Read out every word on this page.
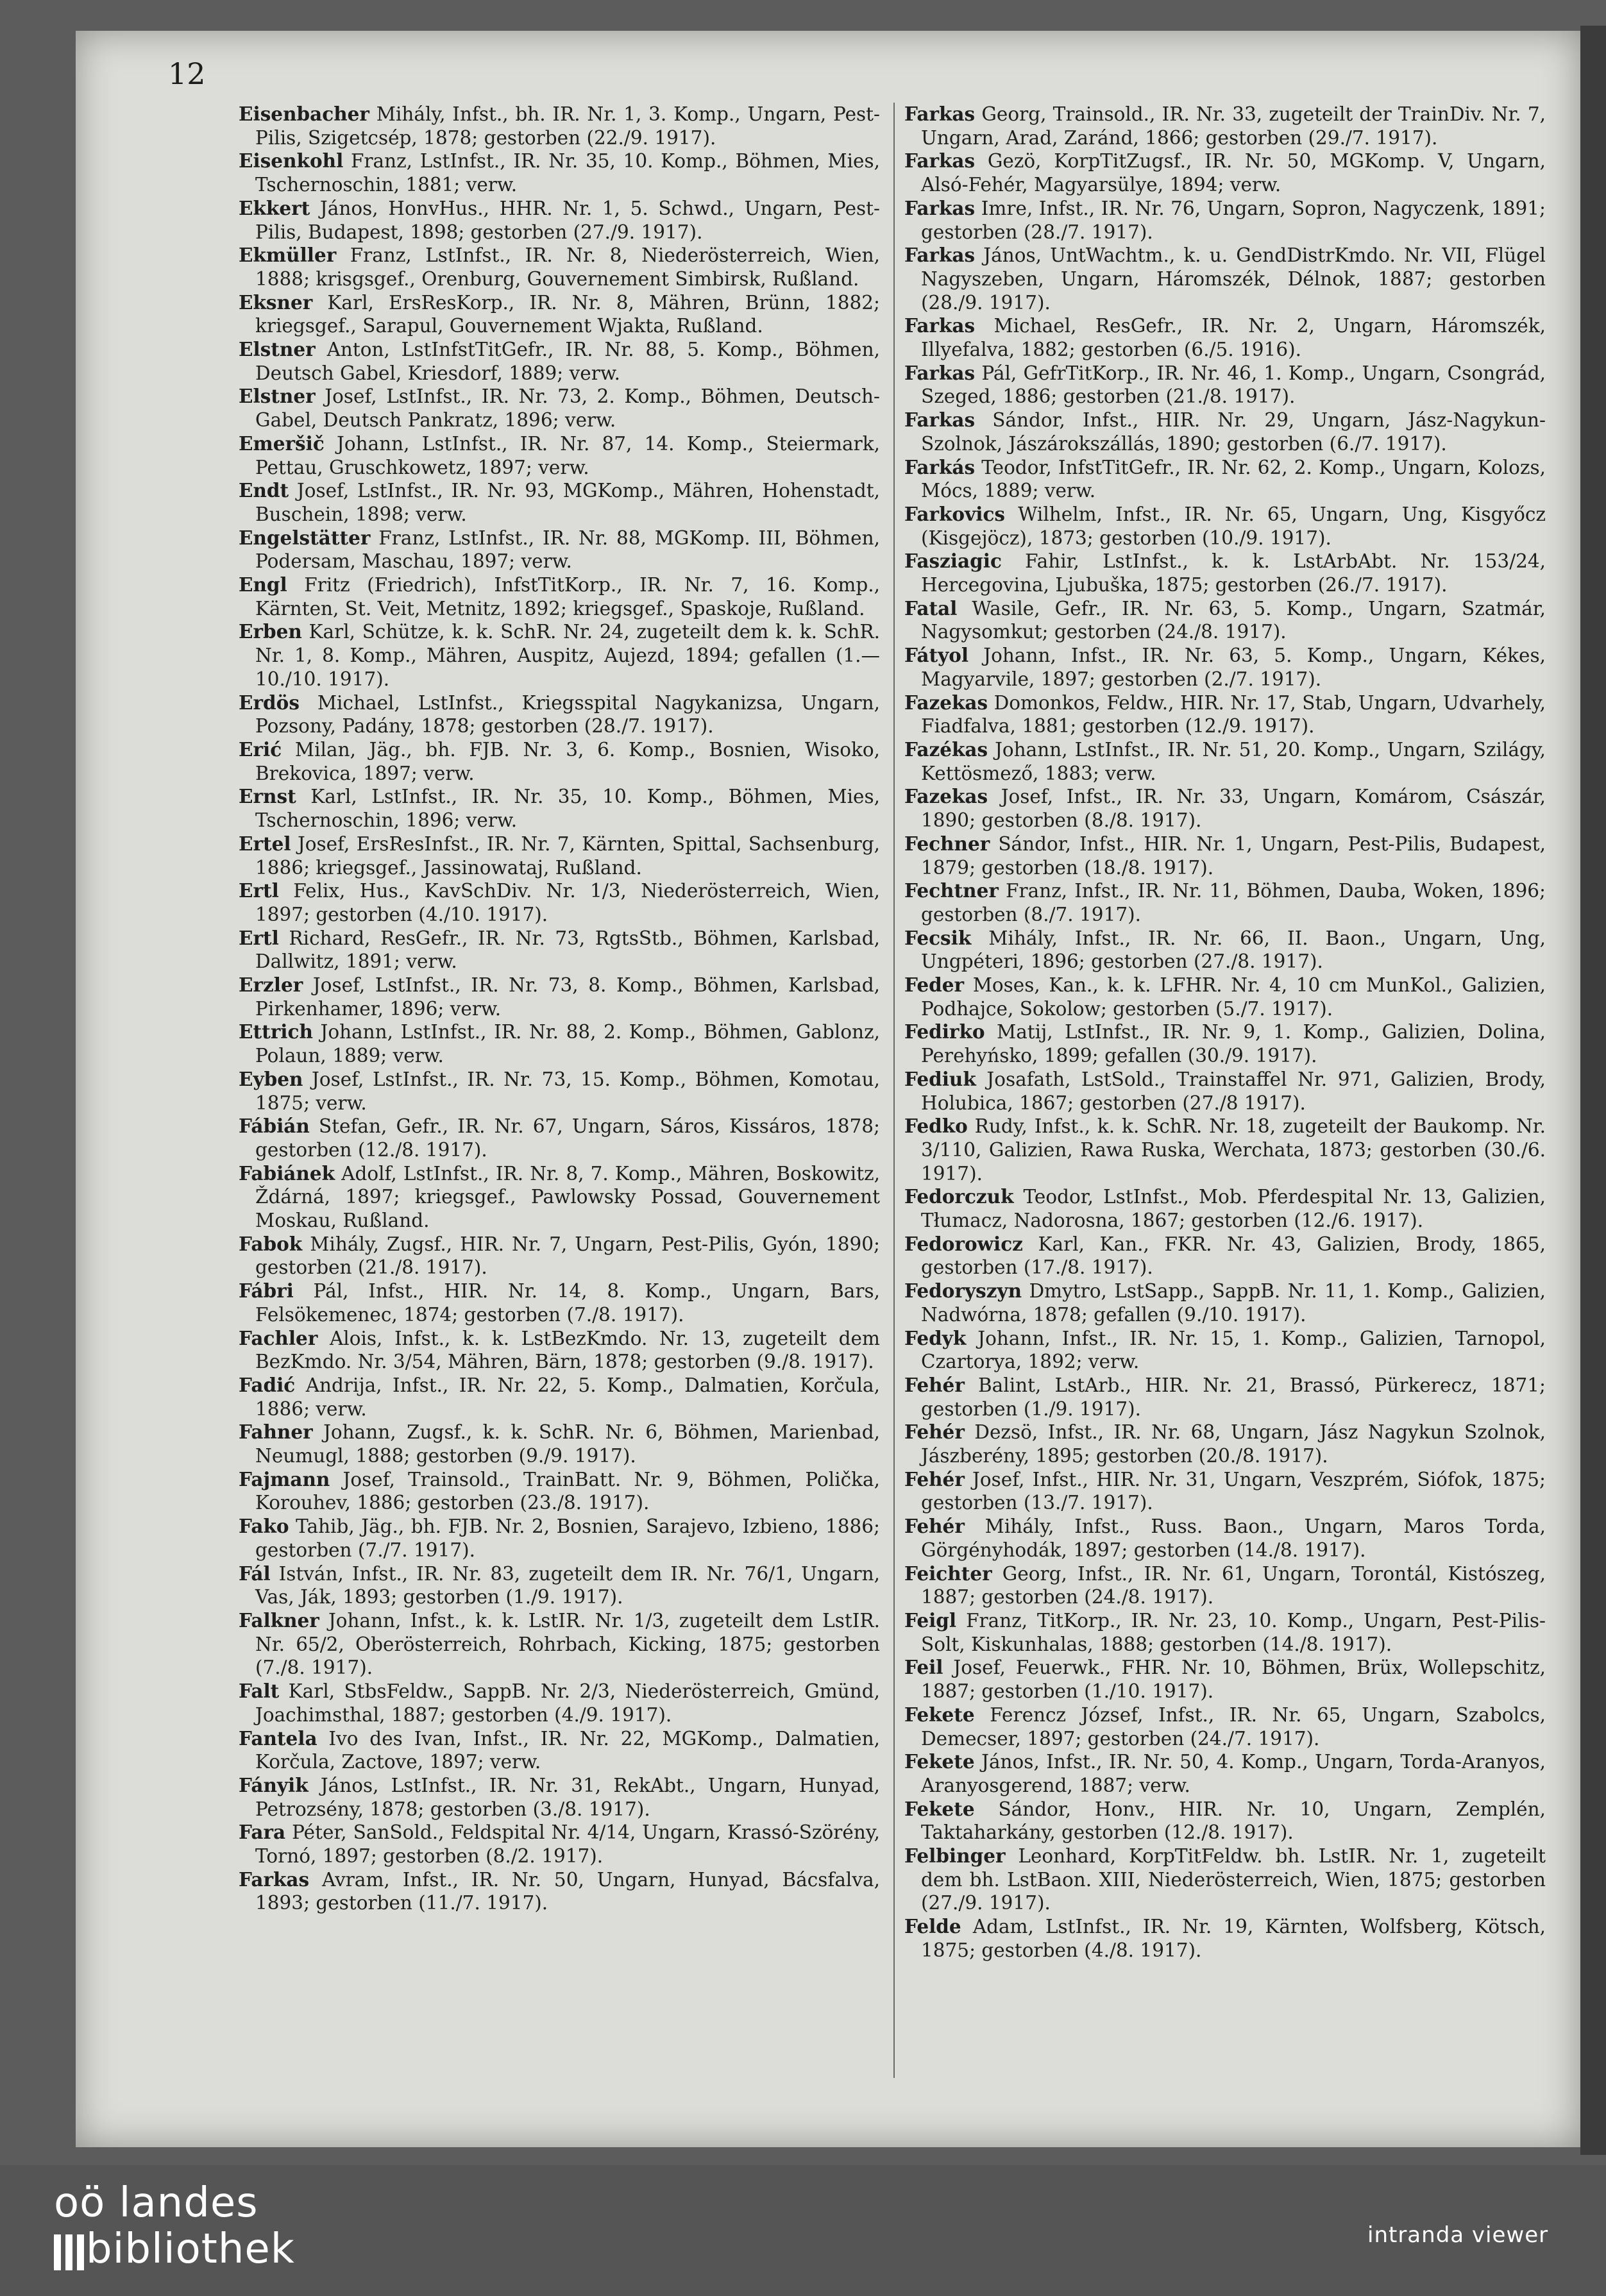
12

Eisenbacher Mihály, Infst., bh. IR. Nr. 1, 3. Komp., Ungarn, Pest-Pilis, Szigetcsép, 1878; gestorben (22./9. 1917).

Eisenkohl Franz, LstInfst., IR. Nr. 35, 10. Komp., Böhmen, Mies, Tschernoschin, 1881; verw.

Ekkert János, HonvHus., HHR. Nr. 1, 5. Schwd., Ungarn, Pest-Pilis, Budapest, 1898; gestorben (27./9. 1917).

Ekmüller Franz, LstInfst., IR. Nr. 8, Niederösterreich, Wien, 1888; krisgsgef., Orenburg, Gouvernement Simbirsk, Rußland.

Eksner Karl, ErsResKorp., IR. Nr. 8, Mähren, Brünn, 1882; kriegsgef., Sarapul, Gouvernement Wjakta, Rußland.

Elstner Anton, LstInfstTitGefr., IR. Nr. 88, 5. Komp., Böhmen, Deutsch Gabel, Kriesdorf, 1889; verw.

Elstner Josef, LstInfst., IR. Nr. 73, 2. Komp., Böhmen, Deutsch-Gabel, Deutsch Pankratz, 1896; verw.

Emeršič Johann, LstInfst., IR. Nr. 87, 14. Komp., Steiermark, Pettau, Gruschkowetz, 1897; verw.

Endt Josef, LstInfst., IR. Nr. 93, MGKomp., Mähren, Hohenstadt, Buschein, 1898; verw.

Engelstätter Franz, LstInfst., IR. Nr. 88, MGKomp. III, Böhmen, Podersam, Maschau, 1897; verw.

Engl Fritz (Friedrich), InfstTitKorp., IR. Nr. 7, 16. Komp., Kärnten, St. Veit, Metnitz, 1892; kriegsgef., Spaskoje, Rußland.

Erben Karl, Schütze, k. k. SchR. Nr. 24, zugeteilt dem k. k. SchR. Nr. 1, 8. Komp., Mähren, Auspitz, Aujezd, 1894; gefallen (1.—10./10. 1917).

Erdös Michael, LstInfst., Kriegsspital Nagykanizsa, Ungarn, Pozsony, Padány, 1878; gestorben (28./7. 1917).

Erić Milan, Jäg., bh. FJB. Nr. 3, 6. Komp., Bosnien, Wisoko, Brekovica, 1897; verw.

Ernst Karl, LstInfst., IR. Nr. 35, 10. Komp., Böhmen, Mies, Tschernoschin, 1896; verw.

Ertel Josef, ErsResInfst., IR. Nr. 7, Kärnten, Spittal, Sachsenburg, 1886; kriegsgef., Jassinowataj, Rußland.

Ertl Felix, Hus., KavSchDiv. Nr. 1/3, Niederösterreich, Wien, 1897; gestorben (4./10. 1917).

Ertl Richard, ResGefr., IR. Nr. 73, RgtsStb., Böhmen, Karlsbad, Dallwitz, 1891; verw.

Erzler Josef, LstInfst., IR. Nr. 73, 8. Komp., Böhmen, Karlsbad, Pirkenhamer, 1896; verw.

Ettrich Johann, LstInfst., IR. Nr. 88, 2. Komp., Böhmen, Gablonz, Polaun, 1889; verw.

Eyben Josef, LstInfst., IR. Nr. 73, 15. Komp., Böhmen, Komotau, 1875; verw.

Fábián Stefan, Gefr., IR. Nr. 67, Ungarn, Sáros, Kissáros, 1878; gestorben (12./8. 1917).

Fabiánek Adolf, LstInfst., IR. Nr. 8, 7. Komp., Mähren, Boskowitz, Ždárná, 1897; kriegsgef., Pawlowsky Possad, Gouvernement Moskau, Rußland.

Fabok Mihály, Zugsf., HIR. Nr. 7, Ungarn, Pest-Pilis, Gyón, 1890; gestorben (21./8. 1917).

Fábri Pál, Infst., HIR. Nr. 14, 8. Komp., Ungarn, Bars, Felsökemenec, 1874; gestorben (7./8. 1917).

Fachler Alois, Infst., k. k. LstBezKmdo. Nr. 13, zugeteilt dem BezKmdo. Nr. 3/54, Mähren, Bärn, 1878; gestorben (9./8. 1917).

Fadić Andrija, Infst., IR. Nr. 22, 5. Komp., Dalmatien, Korčula, 1886; verw.

Fahner Johann, Zugsf., k. k. SchR. Nr. 6, Böhmen, Marienbad, Neumugl, 1888; gestorben (9./9. 1917).

Fajmann Josef, Trainsold., TrainBatt. Nr. 9, Böhmen, Polička, Korouhev, 1886; gestorben (23./8. 1917).

Fako Tahib, Jäg., bh. FJB. Nr. 2, Bosnien, Sarajevo, Izbieno, 1886; gestorben (7./7. 1917).

Fál István, Infst., IR. Nr. 83, zugeteilt dem IR. Nr. 76/1, Ungarn, Vas, Ják, 1893; gestorben (1./9. 1917).

Falkner Johann, Infst., k. k. LstIR. Nr. 1/3, zugeteilt dem LstIR. Nr. 65/2, Oberösterreich, Rohrbach, Kicking, 1875; gestorben (7./8. 1917).

Falt Karl, StbsFeldw., SappB. Nr. 2/3, Niederösterreich, Gmünd, Joachimsthal, 1887; gestorben (4./9. 1917).

Fantela Ivo des Ivan, Infst., IR. Nr. 22, MGKomp., Dalmatien, Korčula, Zactove, 1897; verw.

Fányik János, LstInfst., IR. Nr. 31, RekAbt., Ungarn, Hunyad, Petrozsény, 1878; gestorben (3./8. 1917).

Fara Péter, SanSold., Feldspital Nr. 4/14, Ungarn, Krassó-Szörény, Tornó, 1897; gestorben (8./2. 1917).

Farkas Avram, Infst., IR. Nr. 50, Ungarn, Hunyad, Bácsfalva, 1893; gestorben (11./7. 1917).

Farkas Georg, Trainsold., IR. Nr. 33, zugeteilt der TrainDiv. Nr. 7, Ungarn, Arad, Zaránd, 1866; gestorben (29./7. 1917).

Farkas Gezö, KorpTitZugsf., IR. Nr. 50, MGKomp. V, Ungarn, Alsó-Fehér, Magyarsülye, 1894; verw.

Farkas Imre, Infst., IR. Nr. 76, Ungarn, Sopron, Nagyczenk, 1891; gestorben (28./7. 1917).

Farkas János, UntWachtm., k. u. GendDistrKmdo. Nr. VII, Flügel Nagyszeben, Ungarn, Háromszék, Délnok, 1887; gestorben (28./9. 1917).

Farkas Michael, ResGefr., IR. Nr. 2, Ungarn, Háromszék, Illyefalva, 1882; gestorben (6./5. 1916).

Farkas Pál, GefrTitKorp., IR. Nr. 46, 1. Komp., Ungarn, Csongrád, Szeged, 1886; gestorben (21./8. 1917).

Farkas Sándor, Infst., HIR. Nr. 29, Ungarn, Jász-Nagykun-Szolnok, Jászárokszállás, 1890; gestorben (6./7. 1917).

Farkás Teodor, InfstTitGefr., IR. Nr. 62, 2. Komp., Ungarn, Kolozs, Mócs, 1889; verw.

Farkovics Wilhelm, Infst., IR. Nr. 65, Ungarn, Ung, Kisgyőcz (Kisgejöcz), 1873; gestorben (10./9. 1917).

Fasziagic Fahir, LstInfst., k. k. LstArbAbt. Nr. 153/24, Hercegovina, Ljubuška, 1875; gestorben (26./7. 1917).

Fatal Wasile, Gefr., IR. Nr. 63, 5. Komp., Ungarn, Szatmár, Nagysomkut; gestorben (24./8. 1917).

Fátyol Johann, Infst., IR. Nr. 63, 5. Komp., Ungarn, Kékes, Magyarvile, 1897; gestorben (2./7. 1917).

Fazekas Domonkos, Feldw., HIR. Nr. 17, Stab, Ungarn, Udvarhely, Fiadfalva, 1881; gestorben (12./9. 1917).

Fazékas Johann, LstInfst., IR. Nr. 51, 20. Komp., Ungarn, Szilágy, Kettösmező, 1883; verw.

Fazekas Josef, Infst., IR. Nr. 33, Ungarn, Komárom, Császár, 1890; gestorben (8./8. 1917).

Fechner Sándor, Infst., HIR. Nr. 1, Ungarn, Pest-Pilis, Budapest, 1879; gestorben (18./8. 1917).

Fechtner Franz, Infst., IR. Nr. 11, Böhmen, Dauba, Woken, 1896; gestorben (8./7. 1917).

Fecsik Mihály, Infst., IR. Nr. 66, II. Baon., Ungarn, Ung, Ungpéteri, 1896; gestorben (27./8. 1917).

Feder Moses, Kan., k. k. LFHR. Nr. 4, 10 cm MunKol., Galizien, Podhajce, Sokolow; gestorben (5./7. 1917).

Fedirko Matij, LstInfst., IR. Nr. 9, 1. Komp., Galizien, Dolina, Perehyńsko, 1899; gefallen (30./9. 1917).

Fediuk Josafath, LstSold., Trainstaffel Nr. 971, Galizien, Brody, Holubica, 1867; gestorben (27./8 1917).

Fedko Rudy, Infst., k. k. SchR. Nr. 18, zugeteilt der Baukomp. Nr. 3/110, Galizien, Rawa Ruska, Werchata, 1873; gestorben (30./6. 1917).

Fedorczuk Teodor, LstInfst., Mob. Pferdespital Nr. 13, Galizien, Tłumacz, Nadorosna, 1867; gestorben (12./6. 1917).

Fedorowicz Karl, Kan., FKR. Nr. 43, Galizien, Brody, 1865, gestorben (17./8. 1917).

Fedoryszyn Dmytro, LstSapp., SappB. Nr. 11, 1. Komp., Galizien, Nadwórna, 1878; gefallen (9./10. 1917).

Fedyk Johann, Infst., IR. Nr. 15, 1. Komp., Galizien, Tarnopol, Czartorya, 1892; verw.

Fehér Balint, LstArb., HIR. Nr. 21, Brassó, Pürkerecz, 1871; gestorben (1./9. 1917).

Fehér Dezsö, Infst., IR. Nr. 68, Ungarn, Jász Nagykun Szolnok, Jászberény, 1895; gestorben (20./8. 1917).

Fehér Josef, Infst., HIR. Nr. 31, Ungarn, Veszprém, Siófok, 1875; gestorben (13./7. 1917).

Fehér Mihály, Infst., Russ. Baon., Ungarn, Maros Torda, Görgényhodák, 1897; gestorben (14./8. 1917).

Feichter Georg, Infst., IR. Nr. 61, Ungarn, Torontál, Kistószeg, 1887; gestorben (24./8. 1917).

Feigl Franz, TitKorp., IR. Nr. 23, 10. Komp., Ungarn, Pest-Pilis-Solt, Kiskunhalas, 1888; gestorben (14./8. 1917).

Feil Josef, Feuerwk., FHR. Nr. 10, Böhmen, Brüx, Wollepschitz, 1887; gestorben (1./10. 1917).

Fekete Ferencz József, Infst., IR. Nr. 65, Ungarn, Szabolcs, Demecser, 1897; gestorben (24./7. 1917).

Fekete János, Infst., IR. Nr. 50, 4. Komp., Ungarn, Torda-Aranyos, Aranyosgerend, 1887; verw.

Fekete Sándor, Honv., HIR. Nr. 10, Ungarn, Zemplén, Taktaharkány, gestorben (12./8. 1917).

Felbinger Leonhard, KorpTitFeldw. bh. LstIR. Nr. 1, zugeteilt dem bh. LstBaon. XIII, Niederösterreich, Wien, 1875; gestorben (27./9. 1917).

Felde Adam, LstInfst., IR. Nr. 19, Kärnten, Wolfsberg, Kötsch, 1875; gestorben (4./8. 1917).

oö landes
bibliothek	intranda viewer
